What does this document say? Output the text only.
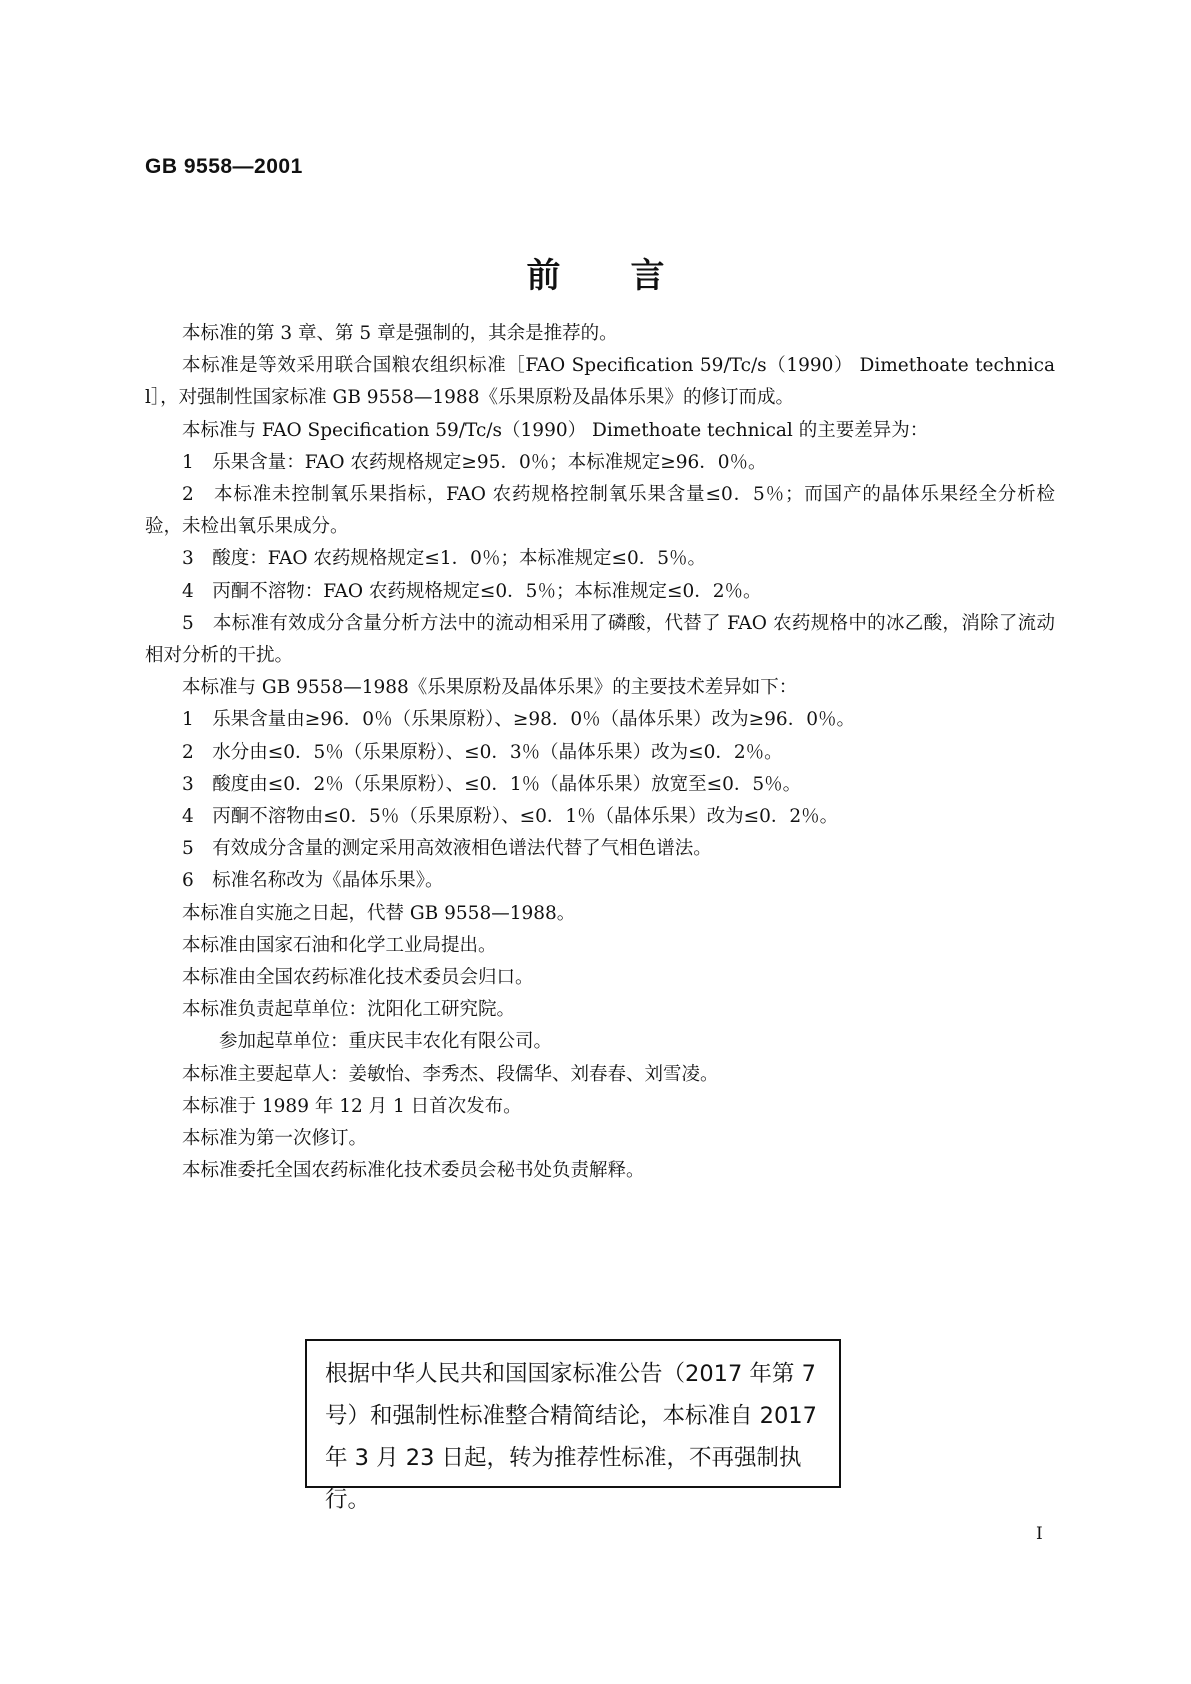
GB 9558—2001
前言

本标准的第 3 章、第 5 章是强制的，其余是推荐的。

本标准是等效采用联合国粮农组织标准［FAO Specification 59/Tc/s（1990） Dimethoate technical］，对强制性国家标准 GB 9558—1988《乐果原粉及晶体乐果》的修订而成。

本标准与 FAO Specification 59/Tc/s（1990） Dimethoate technical 的主要差异为：

1　乐果含量：FAO 农药规格规定≥95．0％；本标准规定≥96．0％。

2　本标准未控制氧乐果指标，FAO 农药规格控制氧乐果含量≤0．5％；而国产的晶体乐果经全分析检验，未检出氧乐果成分。

3　酸度：FAO 农药规格规定≤1．0％；本标准规定≤0．5％。

4　丙酮不溶物：FAO 农药规格规定≤0．5％；本标准规定≤0．2％。

5　本标准有效成分含量分析方法中的流动相采用了磷酸，代替了 FAO 农药规格中的冰乙酸，消除了流动相对分析的干扰。

本标准与 GB 9558—1988《乐果原粉及晶体乐果》的主要技术差异如下：

1　乐果含量由≥96．0％（乐果原粉）、≥98．0％（晶体乐果）改为≥96．0％。

2　水分由≤0．5％（乐果原粉）、≤0．3％（晶体乐果）改为≤0．2％。

3　酸度由≤0．2％（乐果原粉）、≤0．1％（晶体乐果）放宽至≤0．5％。

4　丙酮不溶物由≤0．5％（乐果原粉）、≤0．1％（晶体乐果）改为≤0．2％。

5　有效成分含量的测定采用高效液相色谱法代替了气相色谱法。

6　标准名称改为《晶体乐果》。

本标准自实施之日起，代替 GB 9558—1988。

本标准由国家石油和化学工业局提出。

本标准由全国农药标准化技术委员会归口。

本标准负责起草单位：沈阳化工研究院。

参加起草单位：重庆民丰农化有限公司。

本标准主要起草人：姜敏怡、李秀杰、段儒华、刘春春、刘雪凌。

本标准于 1989 年 12 月 1 日首次发布。

本标准为第一次修订。

本标准委托全国农药标准化技术委员会秘书处负责解释。

根据中华人民共和国国家标准公告（2017 年第 7 号）和强制性标准整合精简结论，本标准自 2017 年 3 月 23 日起，转为推荐性标准，不再强制执行。
I
